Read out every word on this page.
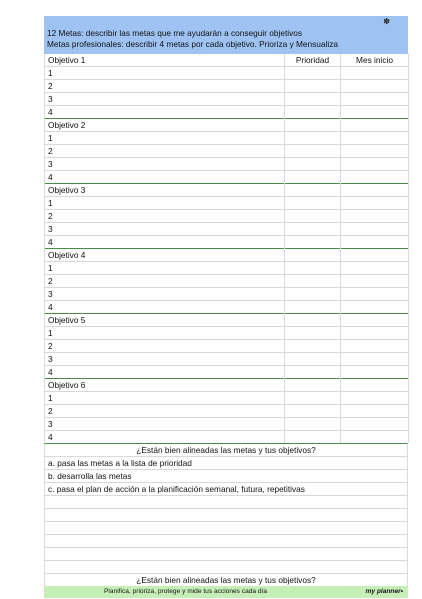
✽
12 Metas: describir las metas que me ayudarán a conseguir objetivos
Metas profesionales: describir 4 metas por cada objetivo. Prioriza y Mensualiza
Objetivo 1	Prioridad	Mes inicio
1		
2		
3		
4		
Objetivo 2		
1		
2		
3		
4		
Objetivo 3		
1		
2		
3		
4		
Objetivo 4		
1		
2		
3		
4		
Objetivo 5		
1		
2		
3		
4		
Objetivo 6		
1		
2		
3		
4		
¿Están bien alineadas las metas y tus objetivos?
a. pasa las metas a la lista de prioridad
b. desarrolla las metas
c. pasa el plan de acción a la planificación semanal, futura, repetitivas
¿Están bien alineadas las metas y tus objetivos?
Planifica, prioriza, protege y mide tus acciones cada día	my planner•
